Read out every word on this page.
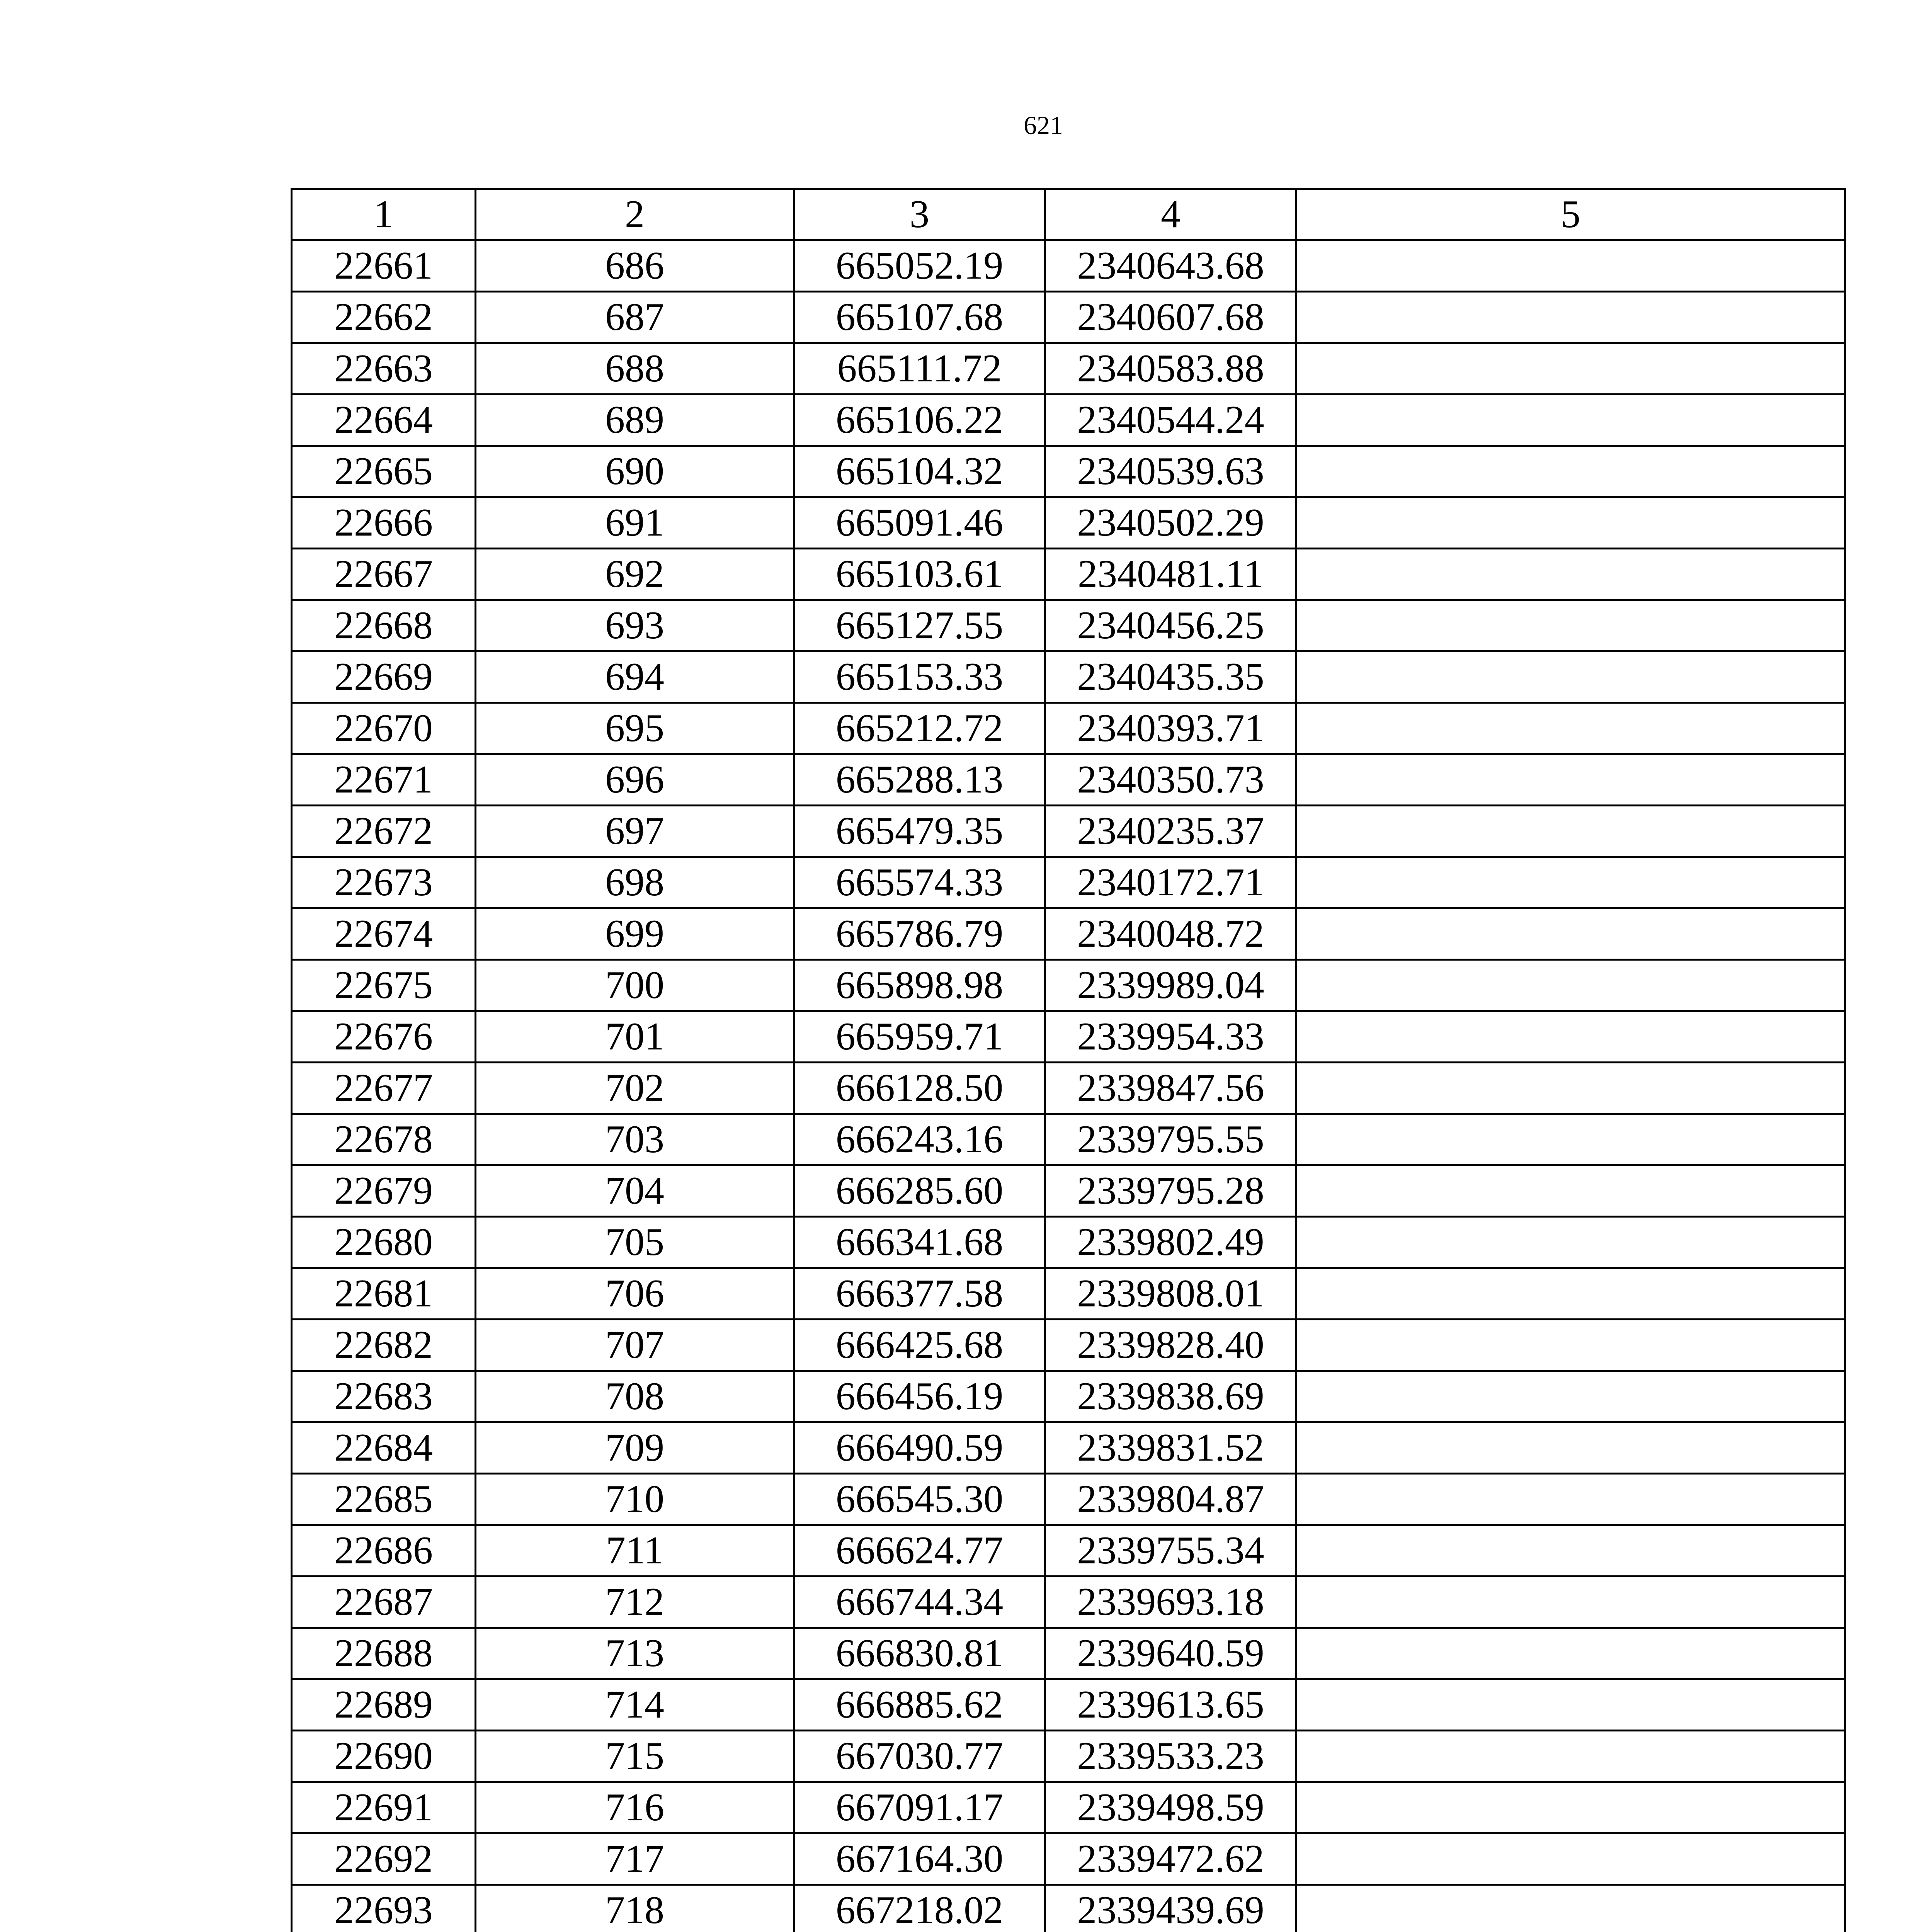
621
1	2	3	4	5
22661	686	665052.19	2340643.68	
22662	687	665107.68	2340607.68	
22663	688	665111.72	2340583.88	
22664	689	665106.22	2340544.24	
22665	690	665104.32	2340539.63	
22666	691	665091.46	2340502.29	
22667	692	665103.61	2340481.11	
22668	693	665127.55	2340456.25	
22669	694	665153.33	2340435.35	
22670	695	665212.72	2340393.71	
22671	696	665288.13	2340350.73	
22672	697	665479.35	2340235.37	
22673	698	665574.33	2340172.71	
22674	699	665786.79	2340048.72	
22675	700	665898.98	2339989.04	
22676	701	665959.71	2339954.33	
22677	702	666128.50	2339847.56	
22678	703	666243.16	2339795.55	
22679	704	666285.60	2339795.28	
22680	705	666341.68	2339802.49	
22681	706	666377.58	2339808.01	
22682	707	666425.68	2339828.40	
22683	708	666456.19	2339838.69	
22684	709	666490.59	2339831.52	
22685	710	666545.30	2339804.87	
22686	711	666624.77	2339755.34	
22687	712	666744.34	2339693.18	
22688	713	666830.81	2339640.59	
22689	714	666885.62	2339613.65	
22690	715	667030.77	2339533.23	
22691	716	667091.17	2339498.59	
22692	717	667164.30	2339472.62	
22693	718	667218.02	2339439.69	
